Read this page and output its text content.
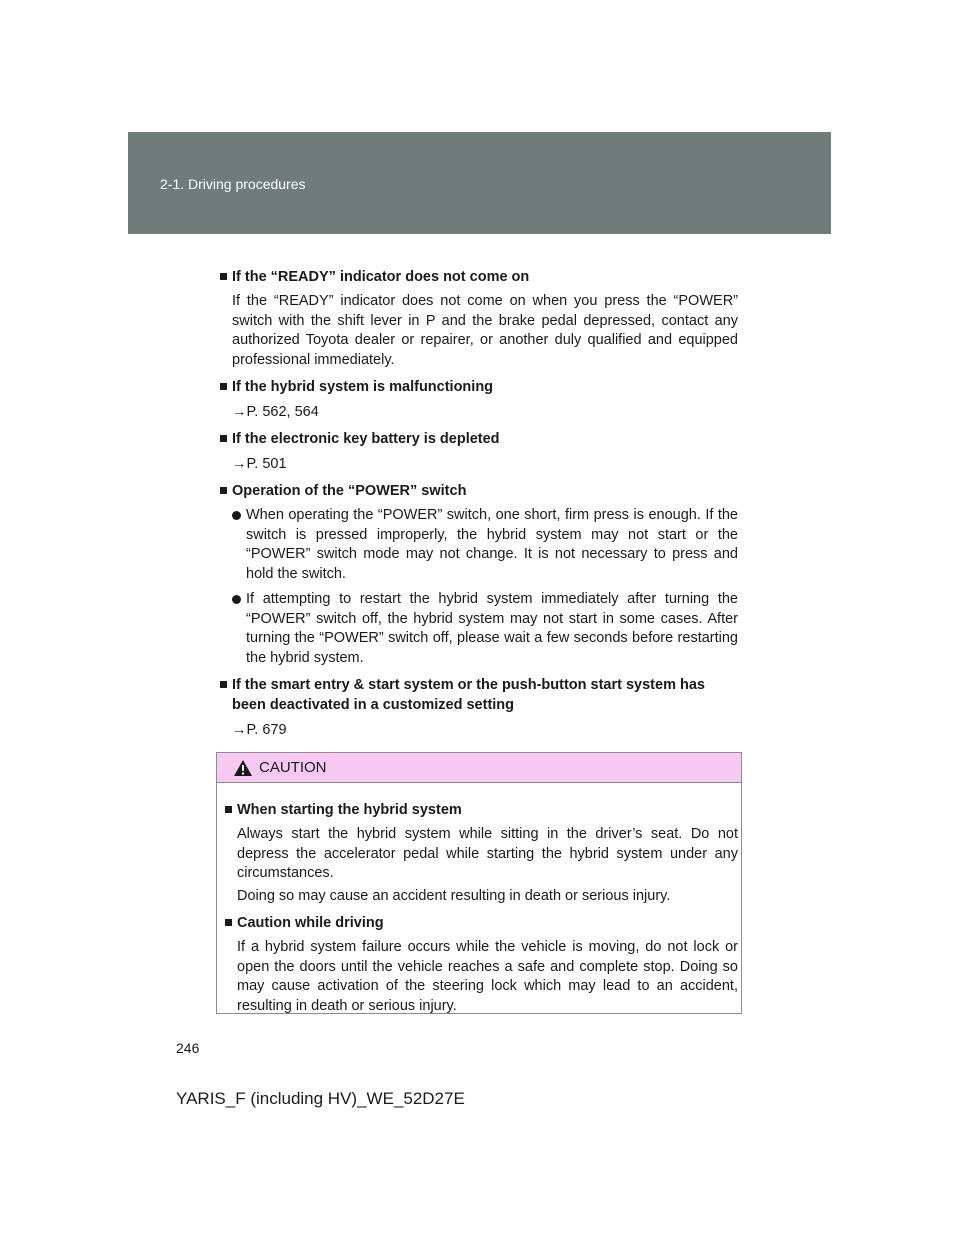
2-1. Driving procedures
If the “READY” indicator does not come on
If the “READY” indicator does not come on when you press the “POWER” switch with the shift lever in P and the brake pedal depressed, contact any authorized Toyota dealer or repairer, or another duly qualified and equipped professional immediately.
If the hybrid system is malfunctioning
→P. 562, 564
If the electronic key battery is depleted
→P. 501
Operation of the “POWER” switch
When operating the “POWER” switch, one short, firm press is enough. If the switch is pressed improperly, the hybrid system may not start or the “POWER” switch mode may not change. It is not necessary to press and hold the switch.
If attempting to restart the hybrid system immediately after turning the “POWER” switch off, the hybrid system may not start in some cases. After turning the “POWER” switch off, please wait a few seconds before restarting the hybrid system.
If the smart entry & start system or the push-button start system has been deactivated in a customized setting
→P. 679
CAUTION
When starting the hybrid system
Always start the hybrid system while sitting in the driver’s seat. Do not depress the accelerator pedal while starting the hybrid system under any circumstances.
Doing so may cause an accident resulting in death or serious injury.
Caution while driving
If a hybrid system failure occurs while the vehicle is moving, do not lock or open the doors until the vehicle reaches a safe and complete stop. Doing so may cause activation of the steering lock which may lead to an accident, resulting in death or serious injury.
246
YARIS_F (including HV)_WE_52D27E
